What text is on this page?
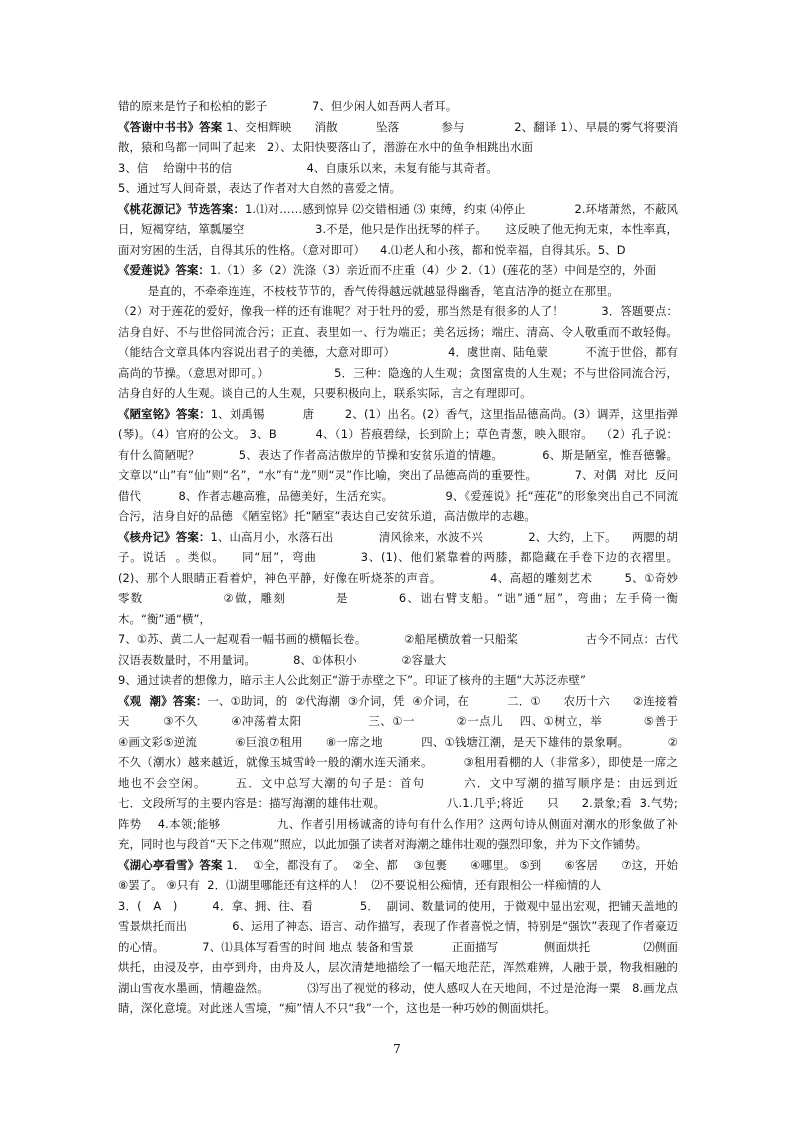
错的原来是竹子和松柏的影子            7、但少闲人如吾两人者耳。

《答谢中书书》答案 1、交相辉映      消散          坠落           参与             2、翻译 1）、早晨的雾气将要消散，猿和鸟都一同叫了起来   2）、太阳快要落山了，潜游在水中的鱼争相跳出水面
3、信    给谢中书的信                    4、自康乐以来，未复有能与其奇者。
5、通过写人间奇景，表达了作者对大自然的喜爱之情。

《桃花源记》节选答案：1.⑴对……感到惊异 ⑵交错相通 ⑶ 束缚，约束 ⑷停止             2.环堵萧然，不蔽风日，短褐穿结，箪瓢屡空                   3.不是，他只是作出抚琴的样子。     这反映了他无拘无束，本性率真，面对穷困的生活，自得其乐的性格。（意对即可）    4.⑴老人和小孩，都和悦幸福，自得其乐。5、D

《爱莲说》答案：1.（1）多（2）洗涤（3）亲近而不庄重（4）少 2.（1）(莲花的茎）中间是空的，外面
是直的，不牵牵连连，不枝枝节节的，香气传得越远就越显得幽香，笔直洁净的挺立在那里。
（2）对于莲花的爱好，像我一样的还有谁呢？对于牡丹的爱，那当然是有很多的人了！          3．答题要点：洁身自好、不与世俗同流合污；正直、表里如一、行为端正；美名远扬；端庄、清高、令人敬重而不敢轻侮。（能结合文章具体内容说出君子的美德，大意对即可）              4．虞世南、陆龟蒙          不流于世俗，都有高尚的节操。（意思对即可。）                 5．三种：隐逸的人生观；贪图富贵的人生观；不与世俗同流合污，洁身自好的人生观。谈自己的人生观，只要积极向上，联系实际，言之有理即可。

《陋室铭》答案：1、刘禹锡          唐        2、(1）出名。(2）香气，这里指品德高尚。(3）调弄，这里指弹(琴)。（4）官府的公文。 3、B          4、（1）苔痕碧绿，长到阶上；草色青葱，映入眼帘。  （2）孔子说：有什么简陋呢？          5、表达了作者高洁傲岸的节操和安贫乐道的情趣。          6、斯是陋室，惟吾德馨。 文章以“山”有“仙”则“名”，“水”有“龙”则“灵”作比喻，突出了品德高尚的重要性。          7、对偶  对比  反问  借代          8、作者志趣高雅，品德美好，生活充实。              9、《爱莲说》托“莲花”的形象突出自己不同流合污，洁身自好的品德 《陋室铭》托“陋室”表达自己安贫乐道，高洁傲岸的志趣。

《核舟记》答案：1、山高月小，水落石出            清风徐来，水波不兴            2、大约，上下。    两腮的胡子。说话  。类似。    同“屈”，弯曲          3、(1)、他们紧靠着的两膝，都隐藏在手卷下边的衣褶里。    (2)、那个人眼睛正看着炉，神色平静，好像在听烧茶的声音。            4、高超的雕刻艺术        5、①奇妙          零数                ②做，雕刻          是          6、诎右臂支船。“诎”通“屈”，弯曲；左手倚一衡木。“衡”通“横”，
7、①苏、黄二人一起观看一幅书画的横幅长卷。          ②船尾横放着一只船桨                  古今不同点：古代汉语表数量时，不用量词。          8、①体积小            ②容量大
9、通过读者的想像力，暗示主人公此刻正“游于赤壁之下”。印证了核舟的主题“大苏泛赤壁”

《观  潮》答案：一、①助词，的  ②代海潮  ③介词，凭  ④介词，在          二．①      农历十六      ②连接着天        ③不久        ④冲荡着太阳                三、①一          ②一点儿    四、①树立，举          ⑤善于          ④画文彩⑤逆流          ⑥巨浪⑦租用      ⑧一席之地          四、①钱塘江潮，是天下雄伟的景象啊。          ②不久（潮水）越来越近，就像玉城雪岭一般的潮水连天涌来。        ③租用看棚的人（非常多），即使是一席之地也不会空闲。      五．文中总写大潮的句子是：首句        六．文中写潮的描写顺序是：由远到近            七．文段所写的主要内容是：描写海潮的雄伟壮观。                八.1.几乎;将近      只      2.景象;看  3.气势;阵势    4.本领;能够              九、作者引用杨诚斋的诗句有什么作用？这两句诗从侧面对潮水的形象做了补充，同时也与段首“天下之伟观”照应，以此加强了读者对海潮之雄伟壮观的强烈印象，并为下文作铺势。

《湖心亭看雪》答案 1．  ①全，都没有了。  ②全、都    ③包裹      ④哪里。 ⑤到      ⑥客居      ⑦这，开始    ⑧罢了。 ⑨只有  2．⑴湖里哪能还有这样的人！  ⑵不要说相公痴情，还有跟相公一样痴情的人
3．(   A   )         4．拿、拥、往、看            5．  副词、数量词的使用，于微观中显出宏观，把铺天盖地的雪景烘托而出            6、运用了神态、语言、动作描写，表现了作者喜悦之情，特别是“强饮”表现了作者豪迈的心情。          7、⑴具体写看雪的时间 地点 装备和雪景          正面描写            侧面烘托              ⑵侧面烘托，由浸及亭，由亭到舟，由舟及人，层次清楚地描绘了一幅天地茫茫，浑然难辨，人融于景，物我相融的湖山雪夜水墨画，情趣盎然。          ⑶写出了视觉的移动，使人感叹人在天地间，不过是沧海一粟   8.画龙点睛，深化意境。对此迷人雪境，“痴”情人不只“我”一个，这也是一种巧妙的侧面烘托。

7
